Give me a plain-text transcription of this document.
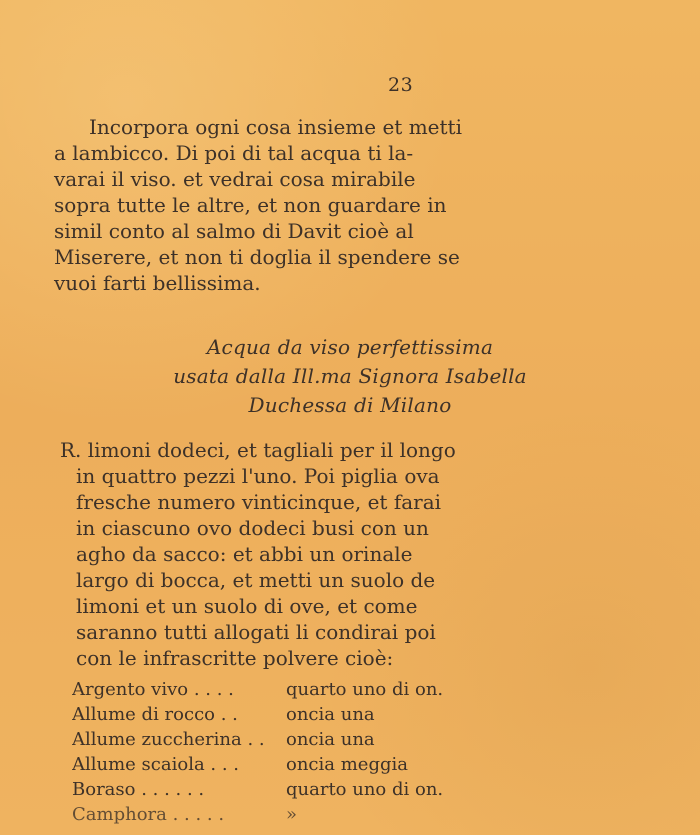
23
Incorpora ogni cosa insieme et metti
a lambicco. Di poi di tal acqua ti la-
varai il viso. et vedrai cosa mirabile
sopra tutte le altre, et non guardare in
simil conto al salmo di Davit cioè al
Miserere, et non ti doglia il spendere se
vuoi farti bellissima.
Acqua da viso perfettissima
usata dalla Ill.ma Signora Isabella
Duchessa di Milano
R. limoni dodeci, et tagliali per il longo
in quattro pezzi l'uno. Poi piglia ova
fresche numero vinticinque, et farai
in ciascuno ovo dodeci busi con un
agho da sacco: et abbi un orinale
largo di bocca, et metti un suolo de
limoni et un suolo di ove, et come
saranno tutti allogati li condirai poi
con le infrascritte polvere cioè:
Argento vivo . . . .	quarto uno di on.
Allume di rocco . .	oncia una
Allume zuccherina . .	oncia una
Allume scaiola . . .	oncia meggia
Boraso . . . . . .	quarto uno di on.
Camphora . . . . .	»
